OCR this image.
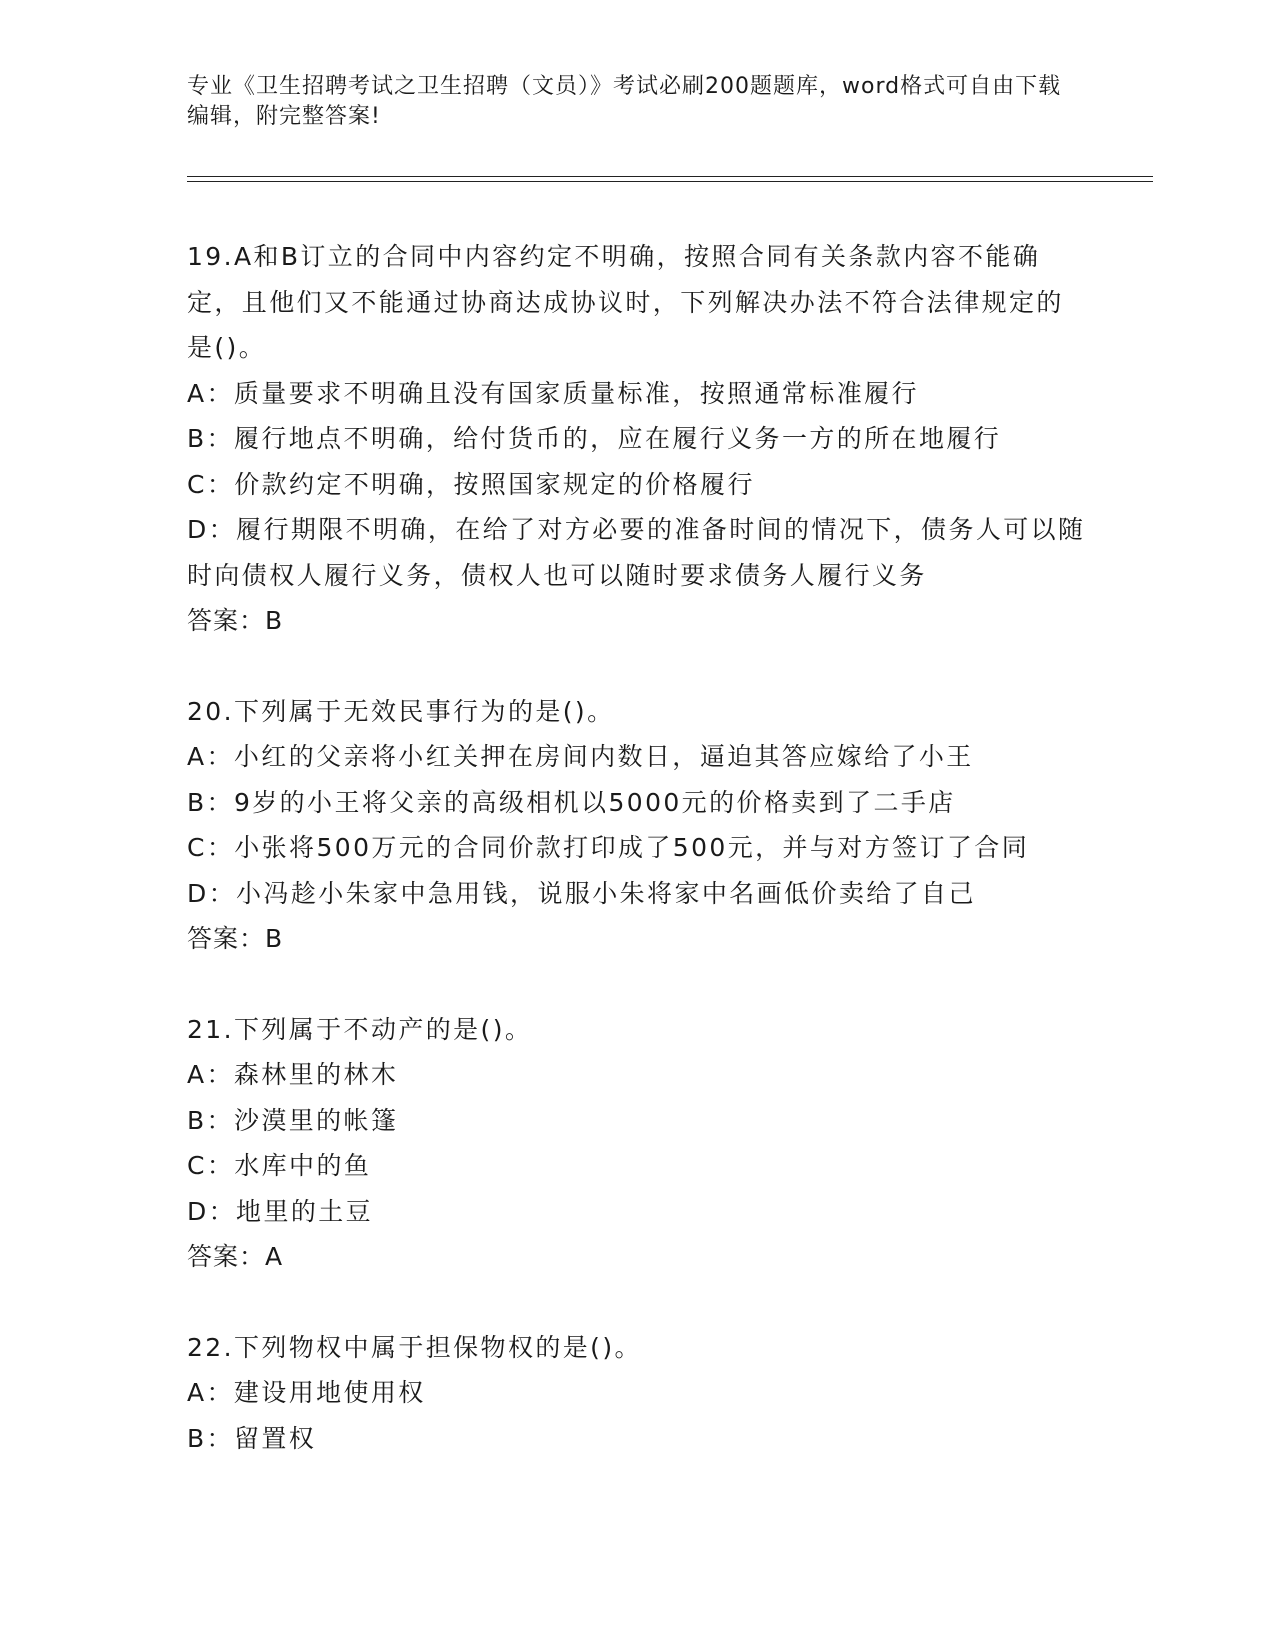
专业《卫生招聘考试之卫生招聘（文员）》考试必刷200题题库，word格式可自由下载编辑，附完整答案!

19.A和B订立的合同中内容约定不明确，按照合同有关条款内容不能确定，且他们又不能通过协商达成协议时，下列解决办法不符合法律规定的是()。

A：质量要求不明确且没有国家质量标准，按照通常标准履行

B：履行地点不明确，给付货币的，应在履行义务一方的所在地履行

C：价款约定不明确，按照国家规定的价格履行

D：履行期限不明确，在给了对方必要的准备时间的情况下，债务人可以随时向债权人履行义务，债权人也可以随时要求债务人履行义务

答案：B

20.下列属于无效民事行为的是()。

A：小红的父亲将小红关押在房间内数日，逼迫其答应嫁给了小王

B：9岁的小王将父亲的高级相机以5000元的价格卖到了二手店

C：小张将500万元的合同价款打印成了500元，并与对方签订了合同

D：小冯趁小朱家中急用钱，说服小朱将家中名画低价卖给了自己

答案：B

21.下列属于不动产的是()。

A：森林里的林木

B：沙漠里的帐篷

C：水库中的鱼

D：地里的土豆

答案：A

22.下列物权中属于担保物权的是()。

A：建设用地使用权

B：留置权
